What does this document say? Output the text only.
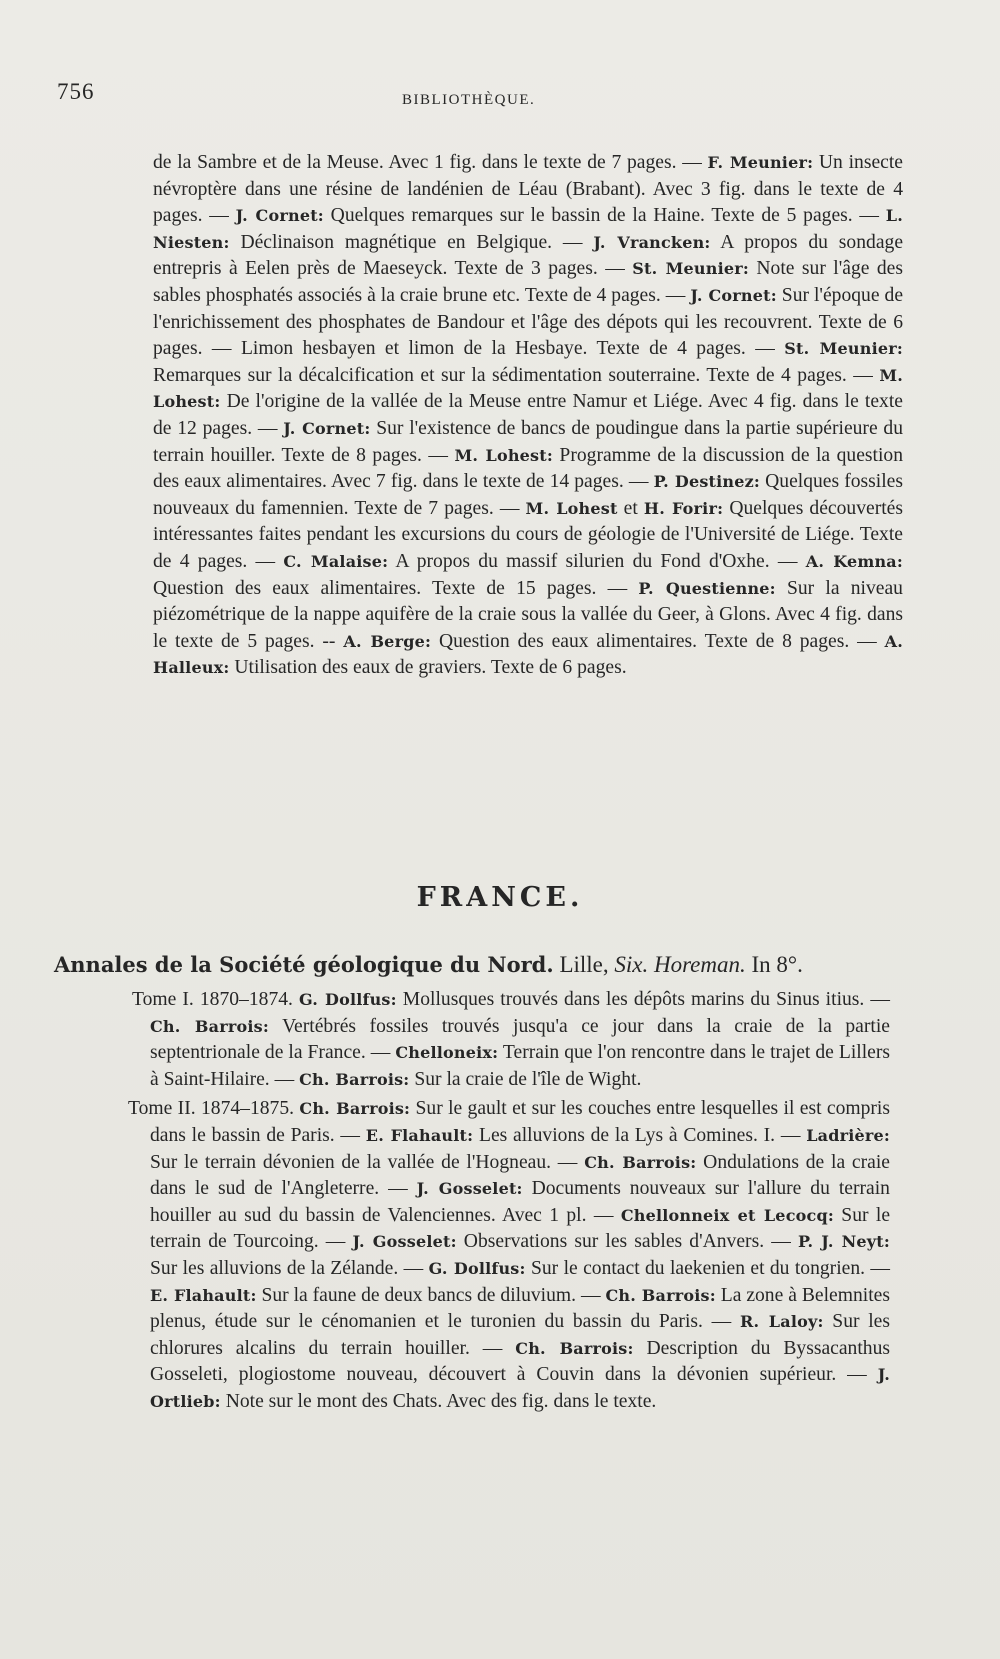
756	BIBLIOTHÈQUE.

de la Sambre et de la Meuse. Avec 1 fig. dans le texte de 7 pages. — F. Meunier: Un insecte névroptère dans une résine de landénien de Léau (Brabant). Avec 3 fig. dans le texte de 4 pages. — J. Cornet: Quelques remarques sur le bassin de la Haine. Texte de 5 pages. — L. Niesten: Déclinaison magnétique en Belgique. — J. Vrancken: A propos du sondage entrepris à Eelen près de Maeseyck. Texte de 3 pages. — St. Meunier: Note sur l'âge des sables phosphatés associés à la craie brune etc. Texte de 4 pages. — J. Cornet: Sur l'époque de l'enrichissement des phosphates de Bandour et l'âge des dépots qui les recouvrent. Texte de 6 pages. — Limon hesbayen et limon de la Hesbaye. Texte de 4 pages. — St. Meunier: Remarques sur la décalcification et sur la sédimentation souterraine. Texte de 4 pages. — M. Lohest: De l'origine de la vallée de la Meuse entre Namur et Liége. Avec 4 fig. dans le texte de 12 pages. — J. Cornet: Sur l'existence de bancs de poudingue dans la partie supérieure du terrain houiller. Texte de 8 pages. — M. Lohest: Programme de la discussion de la question des eaux alimentaires. Avec 7 fig. dans le texte de 14 pages. — P. Destinez: Quelques fossiles nouveaux du famennien. Texte de 7 pages. — M. Lohest et H. Forir: Quelques découvertés intéressantes faites pendant les excursions du cours de géologie de l'Université de Liége. Texte de 4 pages. — C. Malaise: A propos du massif silurien du Fond d'Oxhe. — A. Kemna: Question des eaux alimentaires. Texte de 15 pages. — P. Questienne: Sur la niveau piézométrique de la nappe aquifère de la craie sous la vallée du Geer, à Glons. Avec 4 fig. dans le texte de 5 pages. -- A. Berge: Question des eaux alimentaires. Texte de 8 pages. — A. Halleux: Utilisation des eaux de graviers. Texte de 6 pages.

FRANCE.
Annales de la Société géologique du Nord. Lille, Six. Horeman. In 8°.

Tome I. 1870–1874. G. Dollfus: Mollusques trouvés dans les dépôts marins du Sinus itius. — Ch. Barrois: Vertébrés fossiles trouvés jusqu'a ce jour dans la craie de la partie septentrionale de la France. — Chelloneix: Terrain que l'on rencontre dans le trajet de Lillers à Saint-Hilaire. — Ch. Barrois: Sur la craie de l'île de Wight.

Tome II. 1874–1875. Ch. Barrois: Sur le gault et sur les couches entre lesquelles il est compris dans le bassin de Paris. — E. Flahault: Les alluvions de la Lys à Comines. I. — Ladrière: Sur le terrain dévonien de la vallée de l'Hogneau. — Ch. Barrois: Ondulations de la craie dans le sud de l'Angleterre. — J. Gosselet: Documents nouveaux sur l'allure du terrain houiller au sud du bassin de Valenciennes. Avec 1 pl. — Chellonneix et Lecocq: Sur le terrain de Tourcoing. — J. Gosselet: Observations sur les sables d'Anvers. — P. J. Neyt: Sur les alluvions de la Zélande. — G. Dollfus: Sur le contact du laekenien et du tongrien. — E. Flahault: Sur la faune de deux bancs de diluvium. — Ch. Barrois: La zone à Belemnites plenus, étude sur le cénomanien et le turonien du bassin du Paris. — R. Laloy: Sur les chlorures alcalins du terrain houiller. — Ch. Barrois: Description du Byssacanthus Gosseleti, plogiostome nouveau, découvert à Couvin dans la dévonien supérieur. — J. Ortlieb: Note sur le mont des Chats. Avec des fig. dans le texte.
